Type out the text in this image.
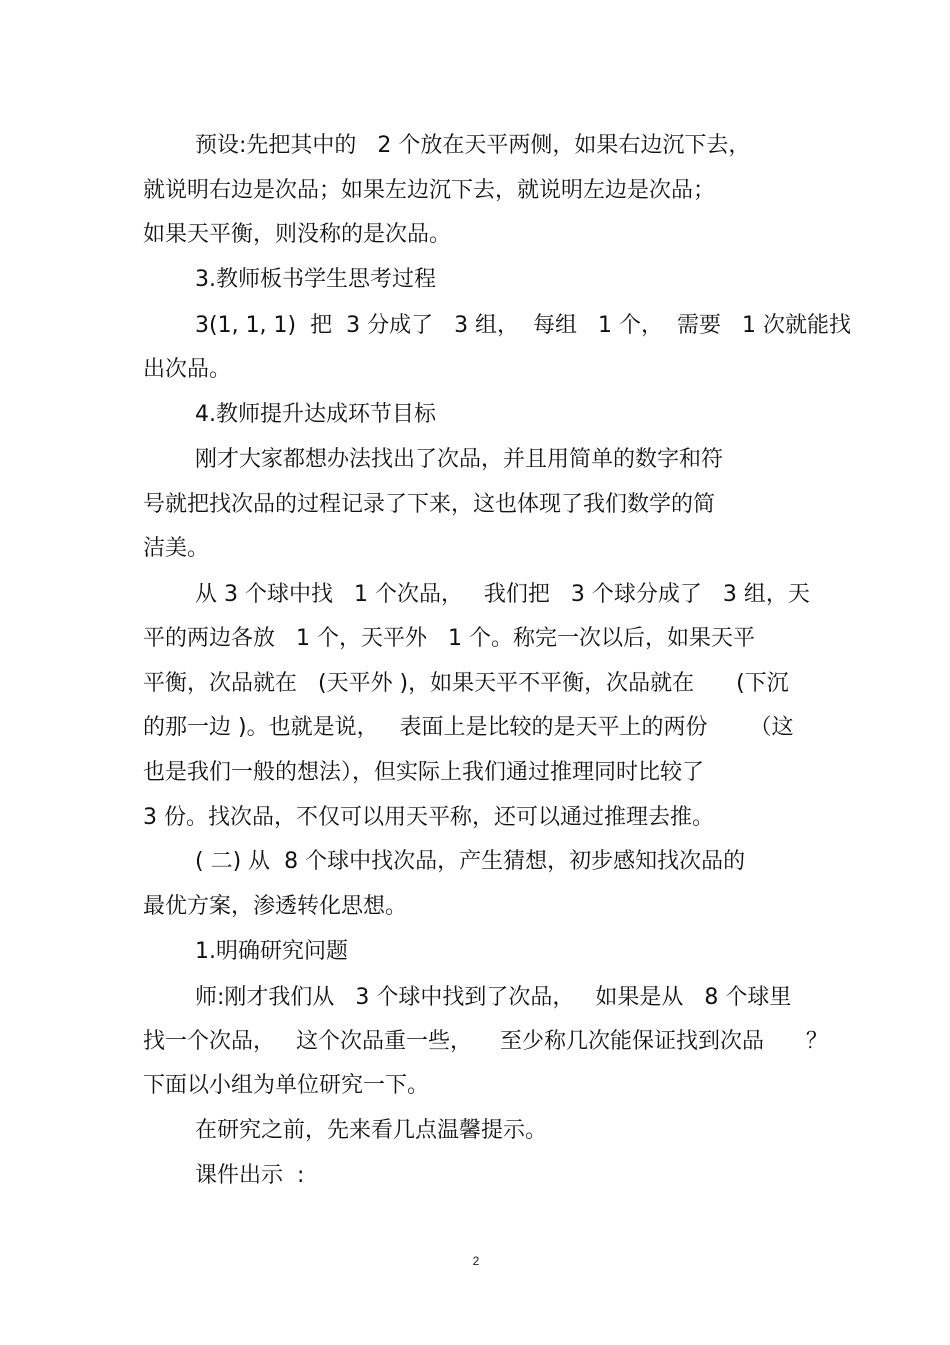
预设:先把其中的   2 个放在天平两侧，如果右边沉下去，
就说明右边是次品；如果左边沉下去，就说明左边是次品；
如果天平衡，则没称的是次品。
3.教师板书学生思考过程
3(1, 1, 1)  把  3 分成了   3 组，  每组   1 个，  需要   1 次就能找
出次品。
4.教师提升达成环节目标
刚才大家都想办法找出了次品，并且用简单的数字和符
号就把找次品的过程记录了下来，这也体现了我们数学的简
洁美。
从 3 个球中找   1 个次品，   我们把   3 个球分成了   3 组，天
平的两边各放   1 个，天平外   1 个。称完一次以后，如果天平
平衡，次品就在   (天平外 )，如果天平不平衡，次品就在      (下沉
的那一边 )。也就是说，   表面上是比较的是天平上的两份      （这
也是我们一般的想法），但实际上我们通过推理同时比较了
3 份。找次品，不仅可以用天平称，还可以通过推理去推。
( 二) 从  8 个球中找次品，产生猜想，初步感知找次品的
最优方案，渗透转化思想。
1.明确研究问题
师:刚才我们从   3 个球中找到了次品，   如果是从   8 个球里
找一个次品，   这个次品重一些，    至少称几次能保证找到次品      ？
下面以小组为单位研究一下。
在研究之前，先来看几点温馨提示。
课件出示  :
2
